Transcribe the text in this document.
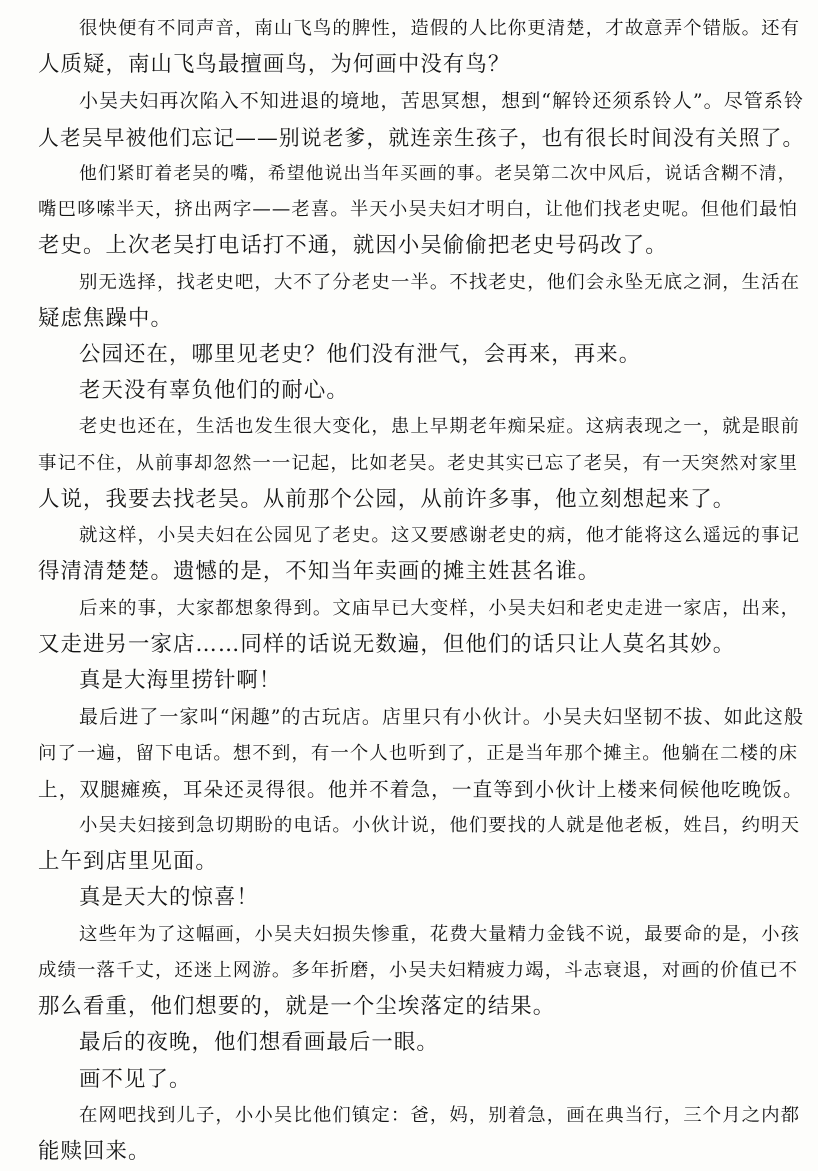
很快便有不同声音，南山飞鸟的脾性，造假的人比你更清楚，才故意弄个错版。还有
人质疑，南山飞鸟最擅画鸟，为何画中没有鸟？
小吴夫妇再次陷入不知进退的境地，苦思冥想，想到“解铃还须系铃人”。尽管系铃
人老吴早被他们忘记——别说老爹，就连亲生孩子，也有很长时间没有关照了。
他们紧盯着老吴的嘴，希望他说出当年买画的事。老吴第二次中风后，说话含糊不清，
嘴巴哆嗦半天，挤出两字——老喜。半天小吴夫妇才明白，让他们找老史呢。但他们最怕
老史。上次老吴打电话打不通，就因小吴偷偷把老史号码改了。
别无选择，找老史吧，大不了分老史一半。不找老史，他们会永坠无底之洞，生活在
疑虑焦躁中。
公园还在，哪里见老史？他们没有泄气，会再来，再来。
老天没有辜负他们的耐心。
老史也还在，生活也发生很大变化，患上早期老年痴呆症。这病表现之一，就是眼前
事记不住，从前事却忽然一一记起，比如老吴。老史其实已忘了老吴，有一天突然对家里
人说，我要去找老吴。从前那个公园，从前许多事，他立刻想起来了。
就这样，小吴夫妇在公园见了老史。这又要感谢老史的病，他才能将这么遥远的事记
得清清楚楚。遗憾的是，不知当年卖画的摊主姓甚名谁。
后来的事，大家都想象得到。文庙早已大变样，小吴夫妇和老史走进一家店，出来，
又走进另一家店……同样的话说无数遍，但他们的话只让人莫名其妙。
真是大海里捞针啊！
最后进了一家叫“闲趣”的古玩店。店里只有小伙计。小吴夫妇坚韧不拔、如此这般
问了一遍，留下电话。想不到，有一个人也听到了，正是当年那个摊主。他躺在二楼的床
上，双腿瘫痪，耳朵还灵得很。他并不着急，一直等到小伙计上楼来伺候他吃晚饭。
小吴夫妇接到急切期盼的电话。小伙计说，他们要找的人就是他老板，姓吕，约明天
上午到店里见面。
真是天大的惊喜！
这些年为了这幅画，小吴夫妇损失惨重，花费大量精力金钱不说，最要命的是，小孩
成绩一落千丈，还迷上网游。多年折磨，小吴夫妇精疲力竭，斗志衰退，对画的价值已不
那么看重，他们想要的，就是一个尘埃落定的结果。
最后的夜晚，他们想看画最后一眼。
画不见了。
在网吧找到儿子，小小吴比他们镇定：爸，妈，别着急，画在典当行，三个月之内都
能赎回来。
